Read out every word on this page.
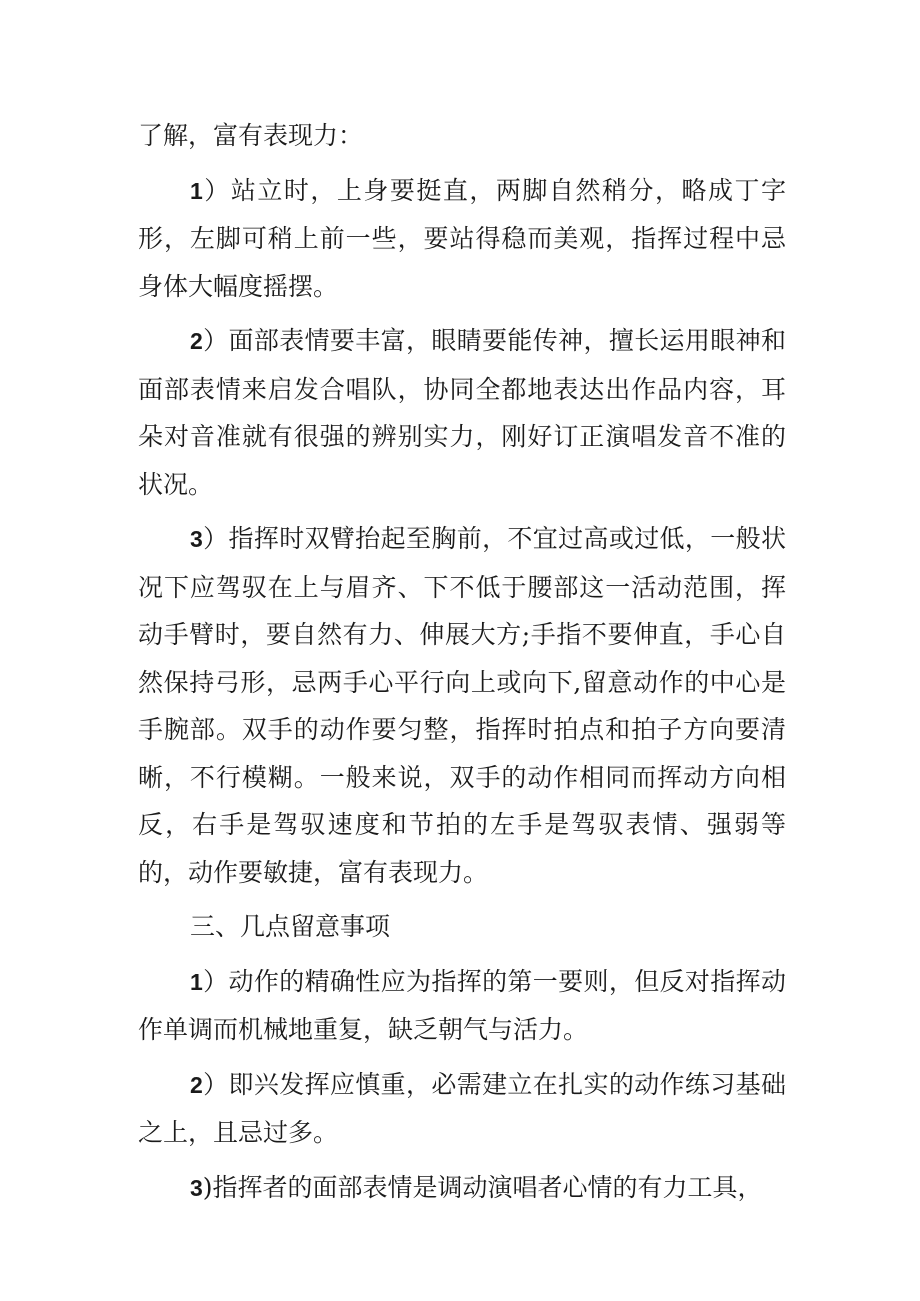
了解，富有表现力：

1）站立时，上身要挺直，两脚自然稍分，略成丁字形，左脚可稍上前一些，要站得稳而美观，指挥过程中忌身体大幅度摇摆。

2）面部表情要丰富，眼睛要能传神，擅长运用眼神和面部表情来启发合唱队，协同全都地表达出作品内容，耳朵对音准就有很强的辨别实力，刚好订正演唱发音不准的状况。

3）指挥时双臂抬起至胸前，不宜过高或过低，一般状况下应驾驭在上与眉齐、下不低于腰部这一活动范围，挥动手臂时，要自然有力、伸展大方;手指不要伸直，手心自然保持弓形，忌两手心平行向上或向下,留意动作的中心是手腕部。双手的动作要匀整，指挥时拍点和拍子方向要清晰，不行模糊。一般来说，双手的动作相同而挥动方向相反，右手是驾驭速度和节拍的左手是驾驭表情、强弱等的，动作要敏捷，富有表现力。

三、几点留意事项

1）动作的精确性应为指挥的第一要则，但反对指挥动作单调而机械地重复，缺乏朝气与活力。

2）即兴发挥应慎重，必需建立在扎实的动作练习基础之上，且忌过多。

3)指挥者的面部表情是调动演唱者心情的有力工具，
